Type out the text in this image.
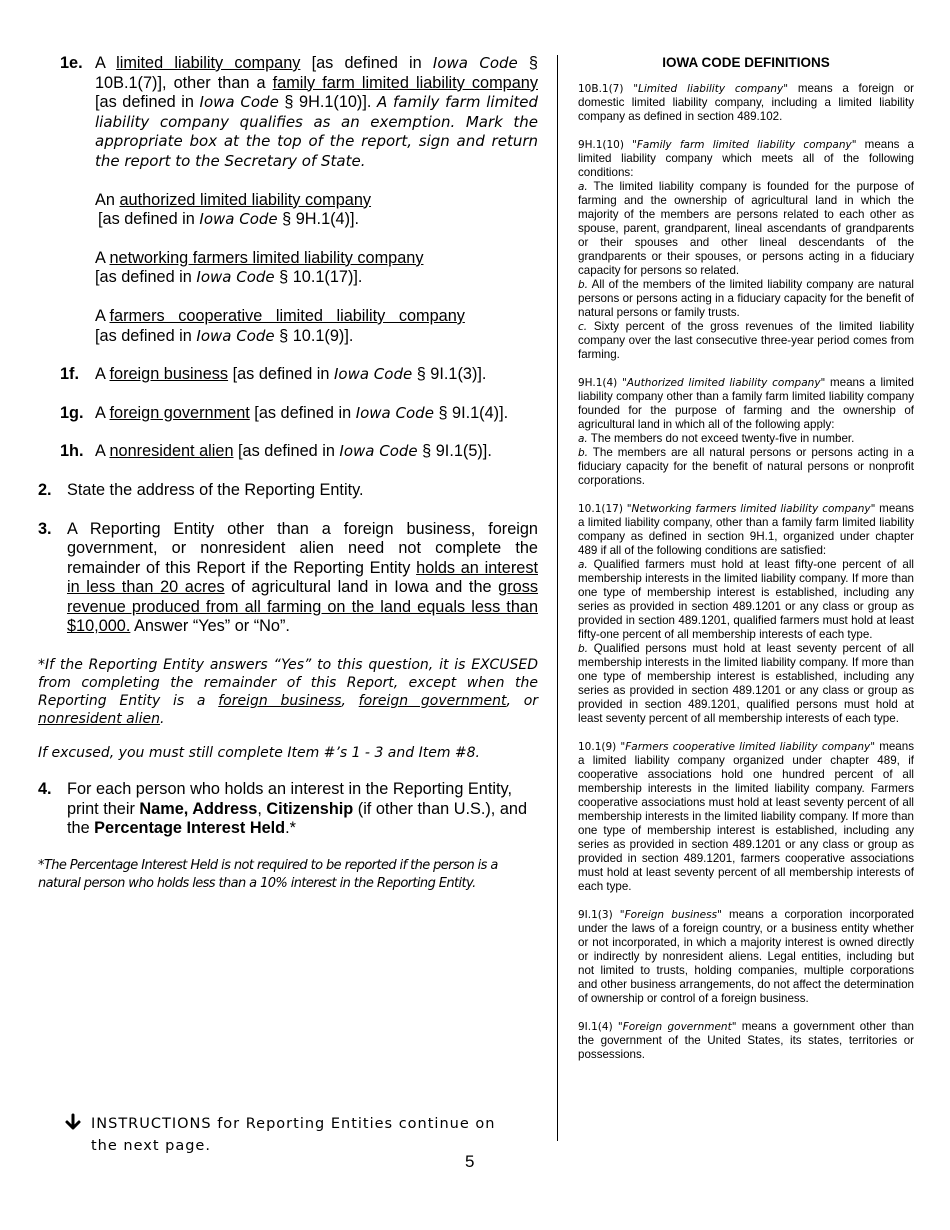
1e. A limited liability company [as defined in Iowa Code § 10B.1(7)], other than a family farm limited liability company [as defined in Iowa Code § 9H.1(10)]. A family farm limited liability company qualifies as an exemption. Mark the appropriate box at the top of the report, sign and return the report to the Secretary of State.
An authorized limited liability company
[as defined in Iowa Code § 9H.1(4)].
A networking farmers limited liability company
[as defined in Iowa Code § 10.1(17)].
A farmers cooperative limited liability company
[as defined in Iowa Code § 10.1(9)].
1f. A foreign business [as defined in Iowa Code § 9I.1(3)].
1g. A foreign government [as defined in Iowa Code § 9I.1(4)].
1h. A nonresident alien [as defined in Iowa Code § 9I.1(5)].
2. State the address of the Reporting Entity.
3. A Reporting Entity other than a foreign business, foreign government, or nonresident alien need not complete the remainder of this Report if the Reporting Entity holds an interest in less than 20 acres of agricultural land in Iowa and the gross revenue produced from all farming on the land equals less than $10,000. Answer “Yes” or “No”.
*If the Reporting Entity answers “Yes” to this question, it is EXCUSED from completing the remainder of this Report, except when the Reporting Entity is a foreign business, foreign government, or nonresident alien.
If excused, you must still complete Item #’s 1 - 3 and Item #8.
4. For each person who holds an interest in the Reporting Entity, print their Name, Address, Citizenship (if other than U.S.), and the Percentage Interest Held.*
*The Percentage Interest Held is not required to be reported if the person is a natural person who holds less than a 10% interest in the Reporting Entity.
IOWA CODE DEFINITIONS

10B.1(7) "Limited liability company" means a foreign or domestic limited liability company, including a limited liability company as defined in section 489.102.

9H.1(10) "Family farm limited liability company" means a limited liability company which meets all of the following conditions:

a. The limited liability company is founded for the purpose of farming and the ownership of agricultural land in which the majority of the members are persons related to each other as spouse, parent, grandparent, lineal ascendants of grandparents or their spouses and other lineal descendants of the grandparents or their spouses, or persons acting in a fiduciary capacity for persons so related.

b. All of the members of the limited liability company are natural persons or persons acting in a fiduciary capacity for the benefit of natural persons or family trusts.

c. Sixty percent of the gross revenues of the limited liability company over the last consecutive three-year period comes from farming.

9H.1(4) "Authorized limited liability company" means a limited liability company other than a family farm limited liability company founded for the purpose of farming and the ownership of agricultural land in which all of the following apply:

a. The members do not exceed twenty-five in number.

b. The members are all natural persons or persons acting in a fiduciary capacity for the benefit of natural persons or nonprofit corporations.

10.1(17) "Networking farmers limited liability company" means a limited liability company, other than a family farm limited liability company as defined in section 9H.1, organized under chapter 489 if all of the following conditions are satisfied:

a. Qualified farmers must hold at least fifty-one percent of all membership interests in the limited liability company. If more than one type of membership interest is established, including any series as provided in section 489.1201 or any class or group as provided in section 489.1201, qualified farmers must hold at least fifty-one percent of all membership interests of each type.

b. Qualified persons must hold at least seventy percent of all membership interests in the limited liability company. If more than one type of membership interest is established, including any series as provided in section 489.1201 or any class or group as provided in section 489.1201, qualified persons must hold at least seventy percent of all membership interests of each type.

10.1(9) "Farmers cooperative limited liability company" means a limited liability company organized under chapter 489, if cooperative associations hold one hundred percent of all membership interests in the limited liability company. Farmers cooperative associations must hold at least seventy percent of all membership interests in the limited liability company. If more than one type of membership interest is established, including any series as provided in section 489.1201 or any class or group as provided in section 489.1201, farmers cooperative associations must hold at least seventy percent of all membership interests of each type.

9I.1(3) "Foreign business" means a corporation incorporated under the laws of a foreign country, or a business entity whether or not incorporated, in which a majority interest is owned directly or indirectly by nonresident aliens. Legal entities, including but not limited to trusts, holding companies, multiple corporations and other business arrangements, do not affect the determination of ownership or control of a foreign business.

9I.1(4) "Foreign government" means a government other than the government of the United States, its states, territories or possessions.

INSTRUCTIONS for Reporting Entities continue on the next page.
5
